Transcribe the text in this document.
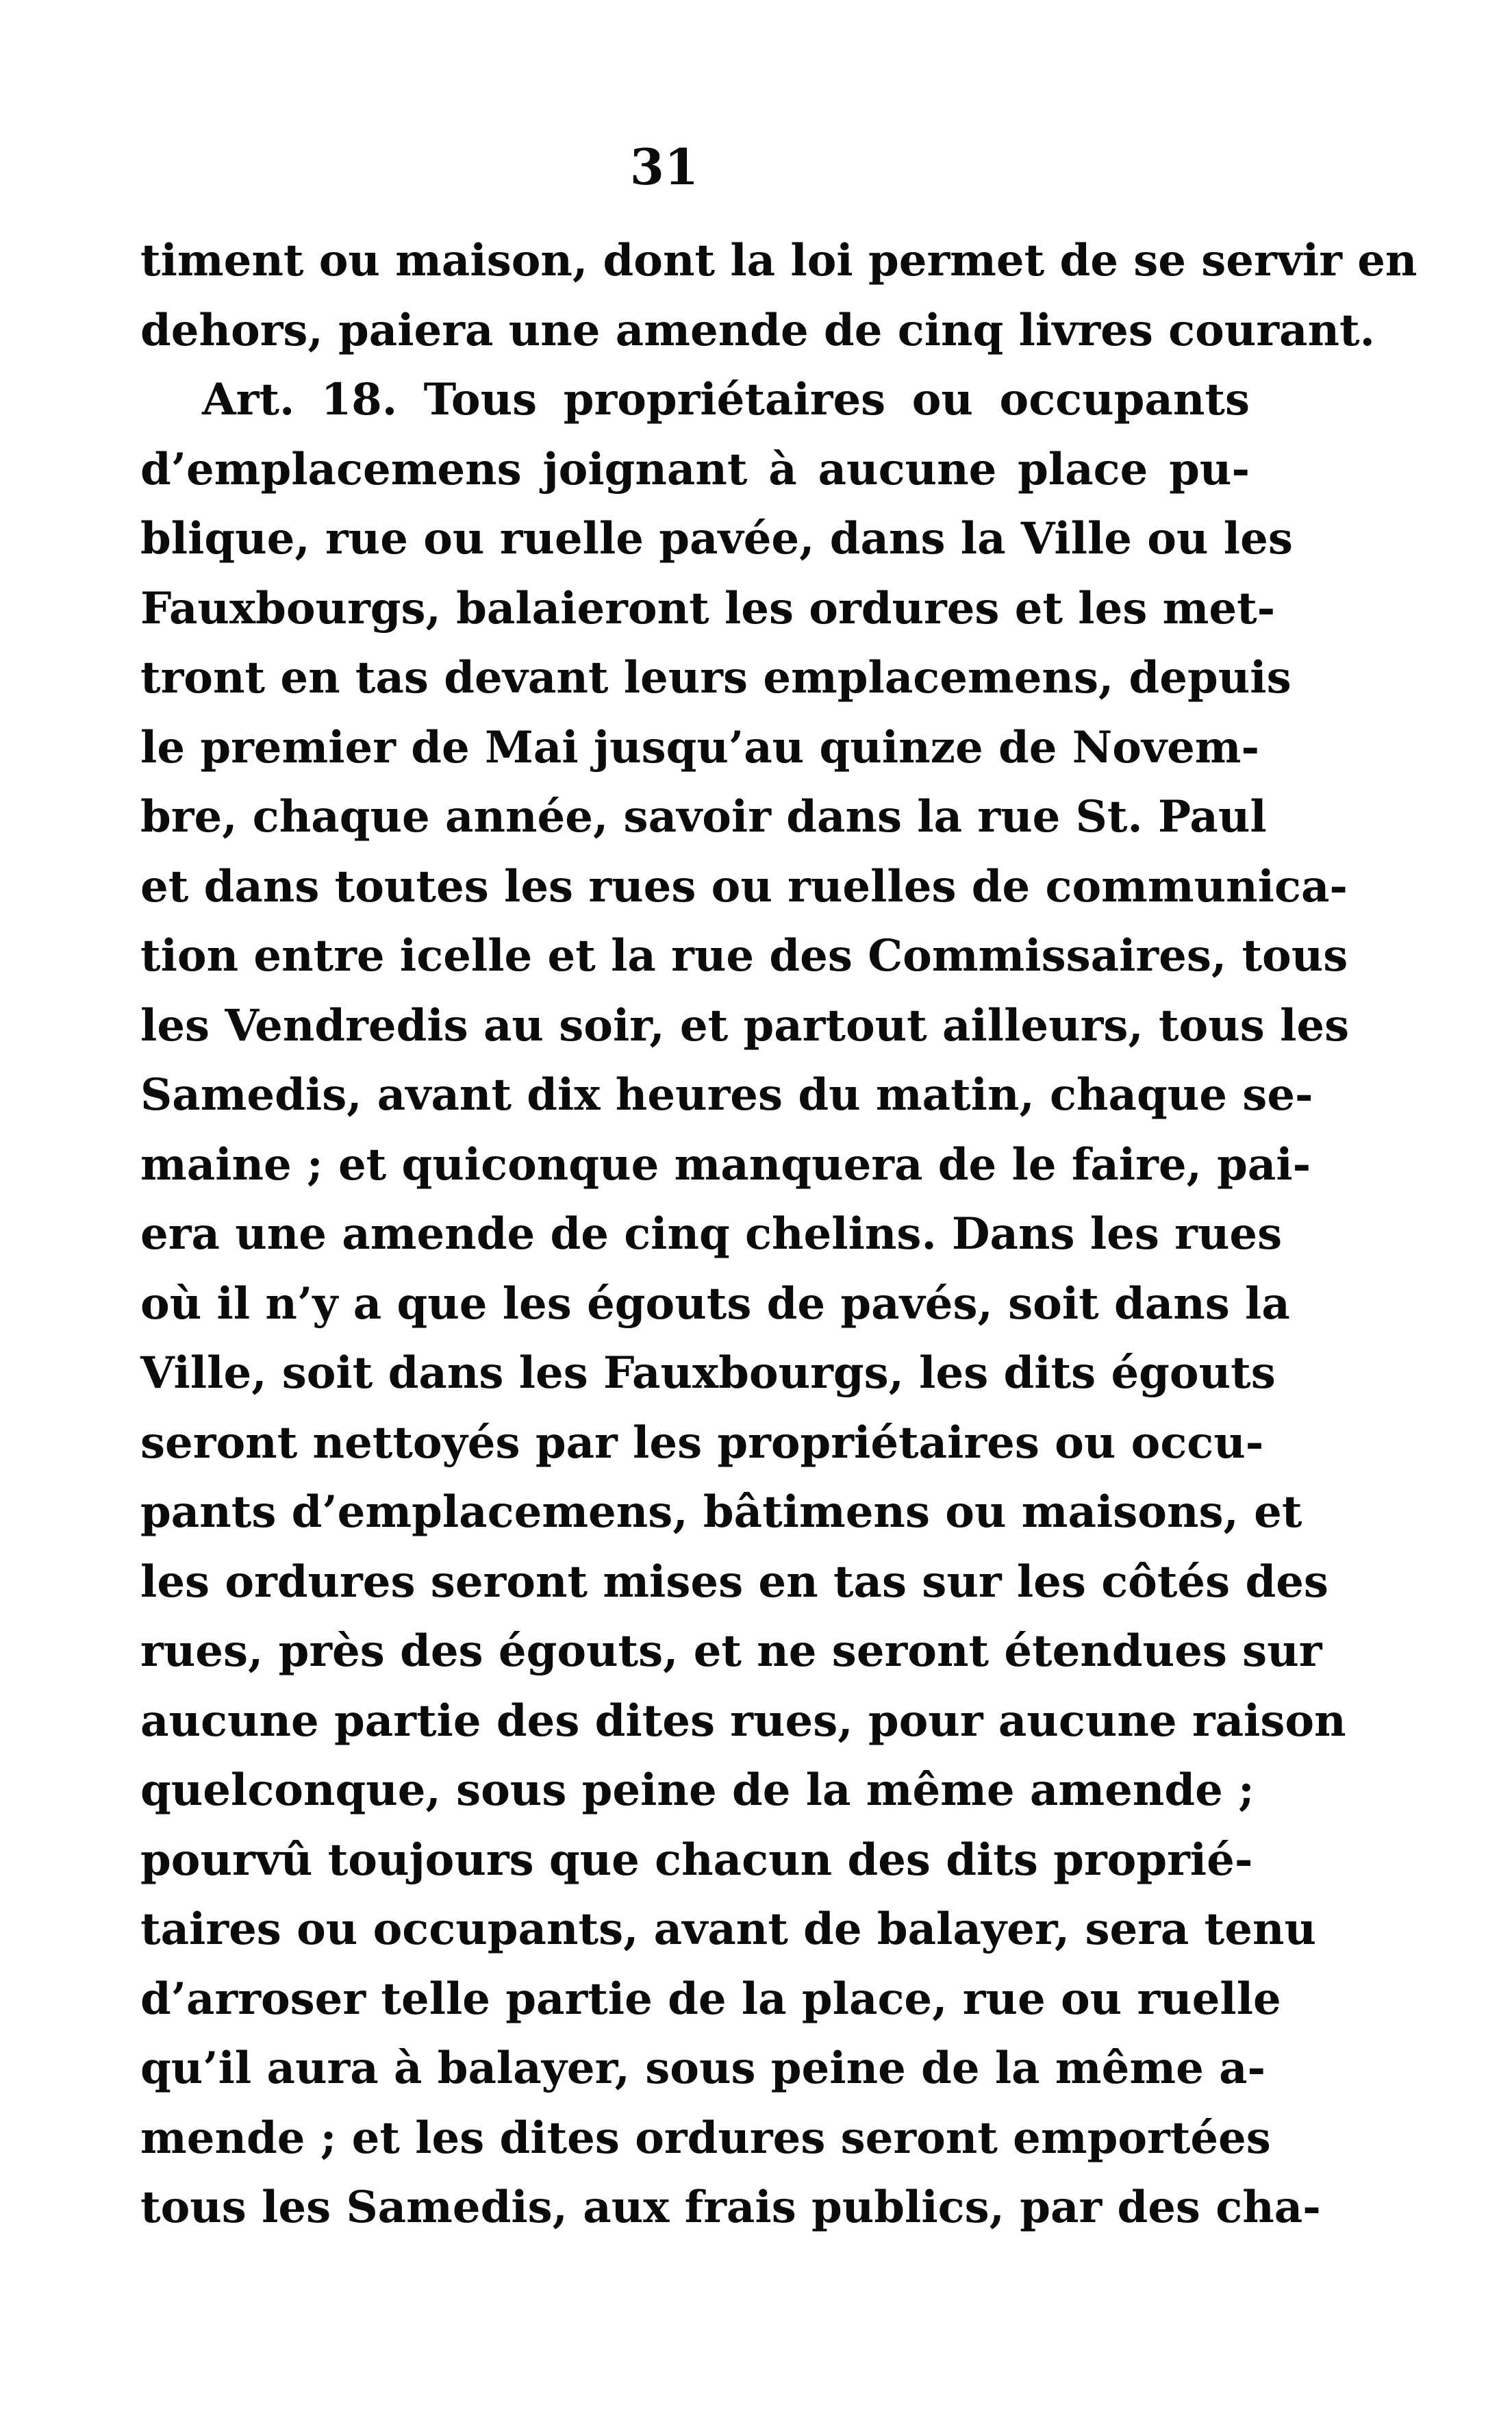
31
timent ou maison, dont la loi permet de se servir en
dehors, paiera une amende de cinq livres courant.
Art. 18. Tous propriétaires ou occupants
d’emplacemens joignant à aucune place pu-
blique, rue ou ruelle pavée, dans la Ville ou les
Fauxbourgs, balaieront les ordures et les met-
tront en tas devant leurs emplacemens, depuis
le premier de Mai jusqu’au quinze de Novem-
bre, chaque année, savoir dans la rue St. Paul
et dans toutes les rues ou ruelles de communica-
tion entre icelle et la rue des Commissaires, tous
les Vendredis au soir, et partout ailleurs, tous les
Samedis, avant dix heures du matin, chaque se-
maine ; et quiconque manquera de le faire, pai-
era une amende de cinq chelins. Dans les rues
où il n’y a que les égouts de pavés, soit dans la
Ville, soit dans les Fauxbourgs, les dits égouts
seront nettoyés par les propriétaires ou occu-
pants d’emplacemens, bâtimens ou maisons, et
les ordures seront mises en tas sur les côtés des
rues, près des égouts, et ne seront étendues sur
aucune partie des dites rues, pour aucune raison
quelconque, sous peine de la même amende ;
pourvû toujours que chacun des dits proprié-
taires ou occupants, avant de balayer, sera tenu
d’arroser telle partie de la place, rue ou ruelle
qu’il aura à balayer, sous peine de la même a-
mende ; et les dites ordures seront emportées
tous les Samedis, aux frais publics, par des cha-
